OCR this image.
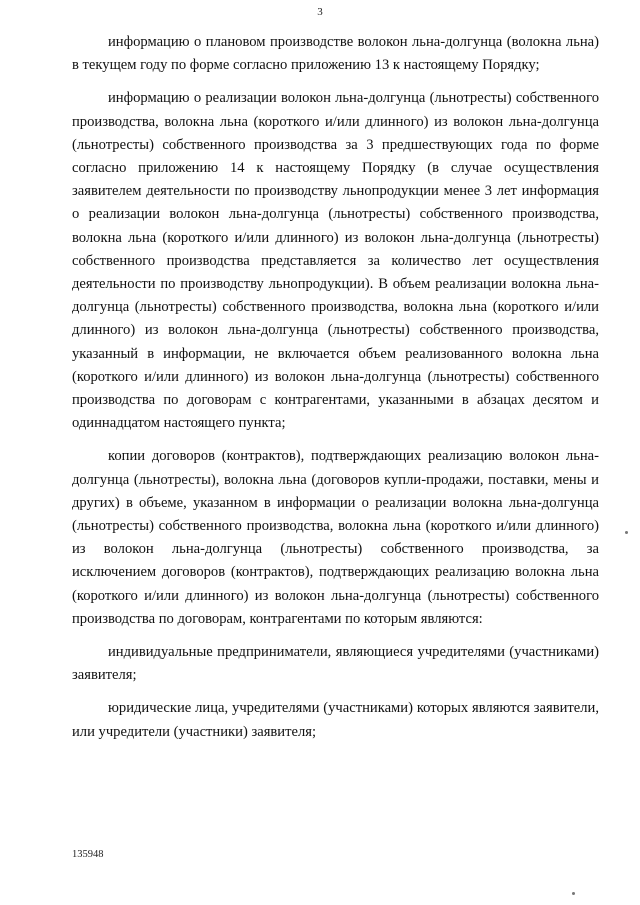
3

информацию о плановом производстве волокон льна-долгунца (волокна льна) в текущем году по форме согласно приложению 13 к настоящему Порядку;

информацию о реализации волокон льна-долгунца (льнотресты) собственного производства, волокна льна (короткого и/или длинного) из волокон льна-долгунца (льнотресты) собственного производства за 3 предшествующих года по форме согласно приложению 14 к настоящему Порядку (в случае осуществления заявителем деятельности по производству льнопродукции менее 3 лет информация о реализации волокон льна-долгунца (льнотресты) собственного производства, волокна льна (короткого и/или длинного) из волокон льна-долгунца (льнотресты) собственного производства представляется за количество лет осуществления деятельности по производству льнопродукции). В объем реализации волокна льна-долгунца (льнотресты) собственного производства, волокна льна (короткого и/или длинного) из волокон льна-долгунца (льнотресты) собственного производства, указанный в информации, не включается объем реализованного волокна льна (короткого и/или длинного) из волокон льна-долгунца (льнотресты) собственного производства по договорам с контрагентами, указанными в абзацах десятом и одиннадцатом настоящего пункта;

копии договоров (контрактов), подтверждающих реализацию волокон льна-долгунца (льнотресты), волокна льна (договоров купли-продажи, поставки, мены и других) в объеме, указанном в информации о реализации волокна льна-долгунца (льнотресты) собственного производства, волокна льна (короткого и/или длинного) из волокон льна-долгунца (льнотресты) собственного производства, за исключением договоров (контрактов), подтверждающих реализацию волокна льна (короткого и/или длинного) из волокон льна-долгунца (льнотресты) собственного производства по договорам, контрагентами по которым являются:

индивидуальные предприниматели, являющиеся учредителями (участниками) заявителя;

юридические лица, учредителями (участниками) которых являются заявители, или учредители (участники) заявителя;

135948
